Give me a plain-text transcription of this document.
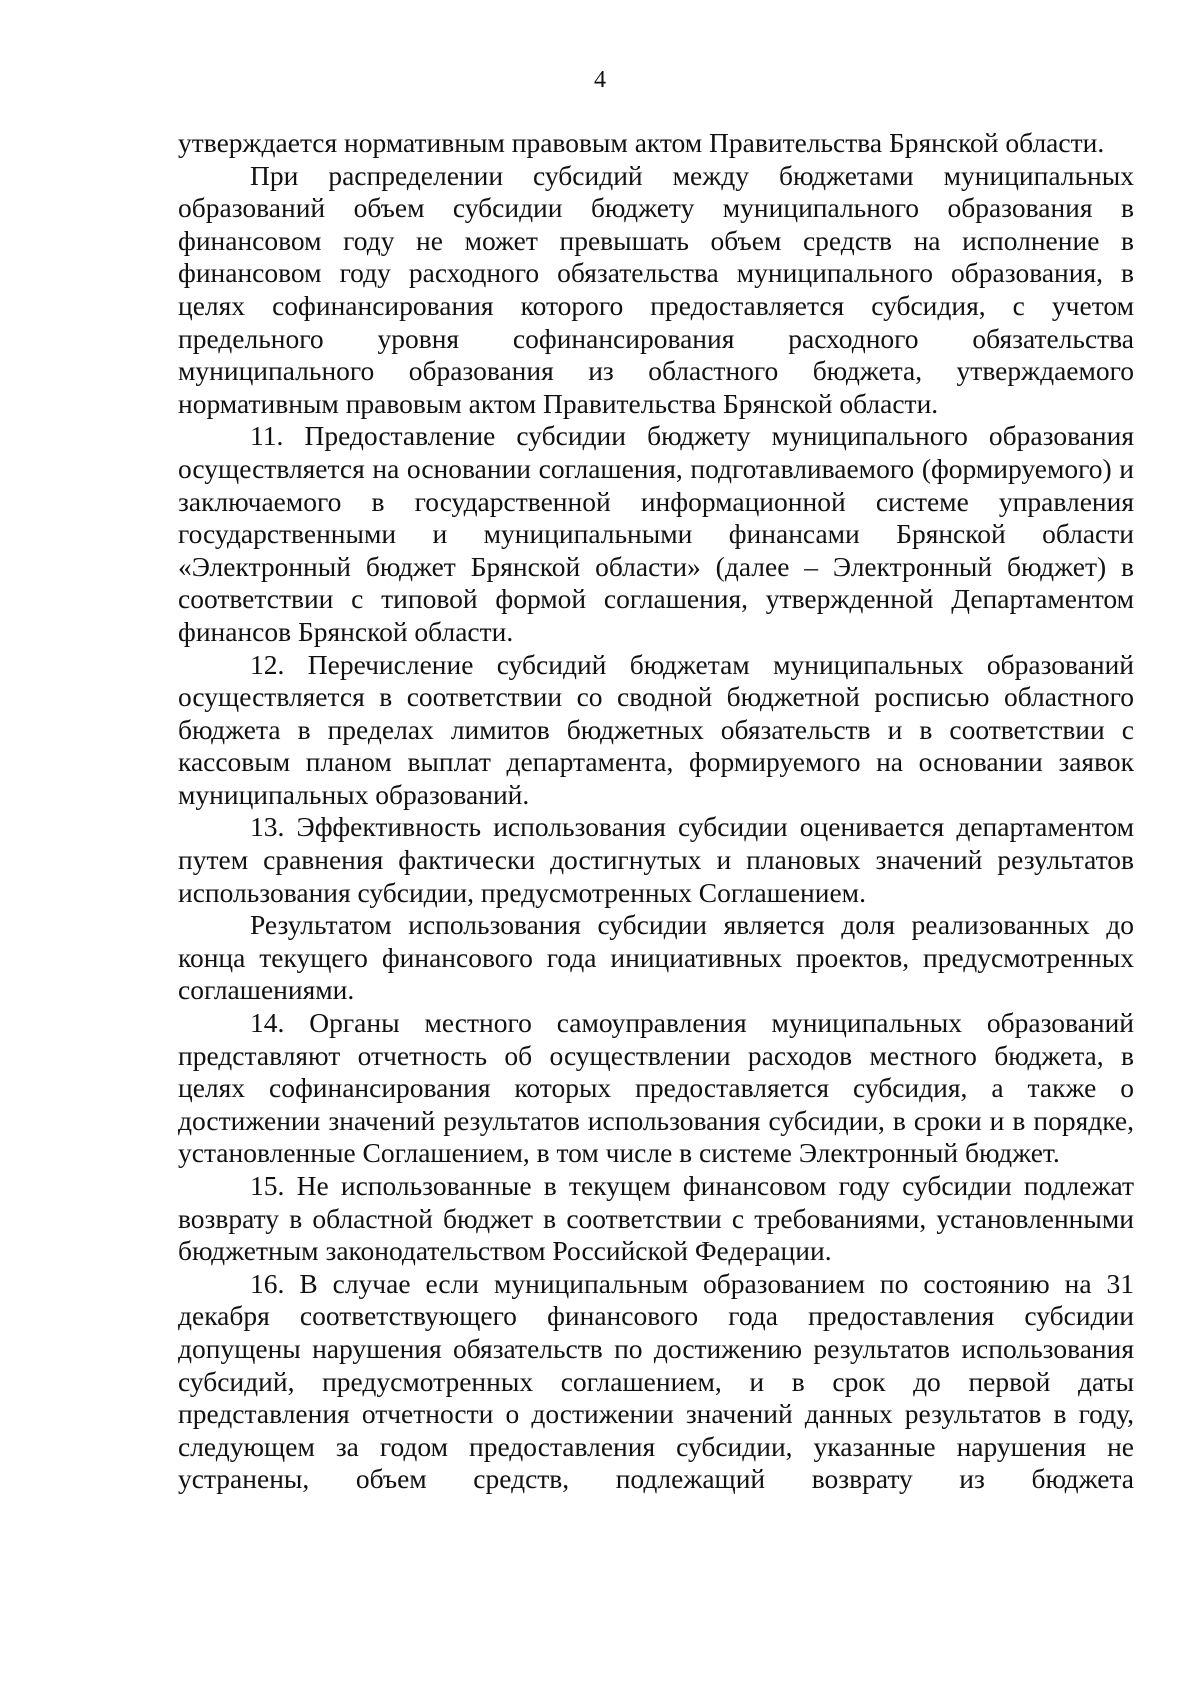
4

утверждается нормативным правовым актом Правительства Брянской области.

При распределении субсидий между бюджетами муниципальных образований объем субсидии бюджету муниципального образования в финансовом году не может превышать объем средств на исполнение в финансовом году расходного обязательства муниципального образования, в целях софинансирования которого предоставляется субсидия, с учетом предельного уровня софинансирования расходного обязательства муниципального образования из областного бюджета, утверждаемого нормативным правовым актом Правительства Брянской области.

11. Предоставление субсидии бюджету муниципального образования осуществляется на основании соглашения, подготавливаемого (формируемого) и заключаемого в государственной информационной системе управления государственными и муниципальными финансами Брянской области «Электронный бюджет Брянской области» (далее – Электронный бюджет) в соответствии с типовой формой соглашения, утвержденной Департаментом финансов Брянской области.

12. Перечисление субсидий бюджетам муниципальных образований осуществляется в соответствии со сводной бюджетной росписью областного бюджета в пределах лимитов бюджетных обязательств и в соответствии с кассовым планом выплат департамента, формируемого на основании заявок муниципальных образований.

13. Эффективность использования субсидии оценивается департаментом путем сравнения фактически достигнутых и плановых значений результатов использования субсидии, предусмотренных Соглашением.

Результатом использования субсидии является доля реализованных до конца текущего финансового года инициативных проектов, предусмотренных соглашениями.

14. Органы местного самоуправления муниципальных образований представляют отчетность об осуществлении расходов местного бюджета, в целях софинансирования которых предоставляется субсидия, а также о достижении значений результатов использования субсидии, в сроки и в порядке, установленные Соглашением, в том числе в системе Электронный бюджет.

15. Не использованные в текущем финансовом году субсидии подлежат возврату в областной бюджет в соответствии с требованиями, установленными бюджетным законодательством Российской Федерации.

16. В случае если муниципальным образованием по состоянию на 31 декабря соответствующего финансового года предоставления субсидии допущены нарушения обязательств по достижению результатов использования субсидий, предусмотренных соглашением, и в срок до первой даты представления отчетности о достижении значений данных результатов в году, следующем за годом предоставления субсидии, указанные нарушения не устранены, объем средств, подлежащий возврату из бюджета
